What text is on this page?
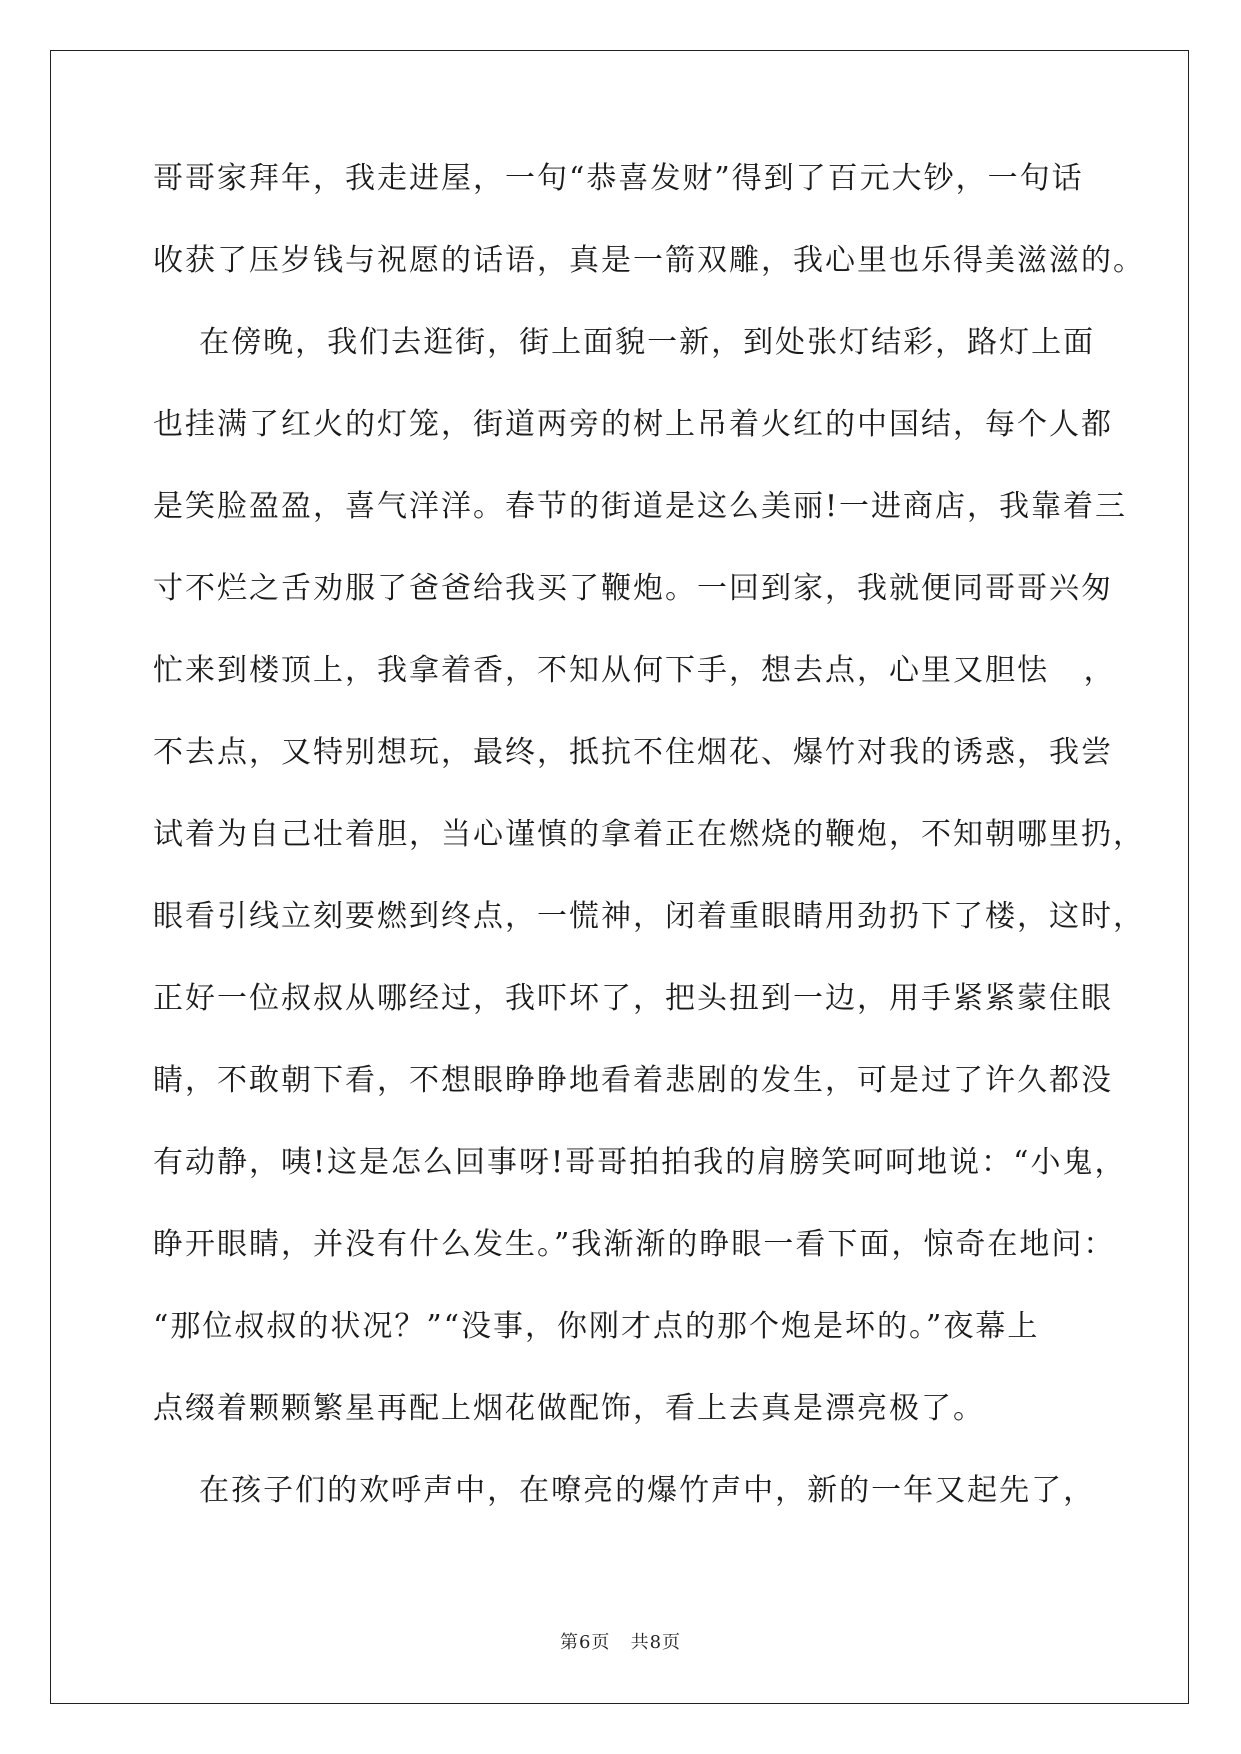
哥哥家拜年，我走进屋，一句“恭喜发财”得到了百元大钞，一句话
收获了压岁钱与祝愿的话语，真是一箭双雕，我心里也乐得美滋滋的。
在傍晚，我们去逛街，街上面貌一新，到处张灯结彩，路灯上面
也挂满了红火的灯笼，街道两旁的树上吊着火红的中国结，每个人都
是笑脸盈盈，喜气洋洋。春节的街道是这么美丽!一进商店，我靠着三
寸不烂之舌劝服了爸爸给我买了鞭炮。一回到家，我就便同哥哥兴匆
忙来到楼顶上，我拿着香，不知从何下手，想去点，心里又胆怯   ，
不去点，又特别想玩，最终，抵抗不住烟花、爆竹对我的诱惑，我尝
试着为自己壮着胆，当心谨慎的拿着正在燃烧的鞭炮，不知朝哪里扔，
眼看引线立刻要燃到终点，一慌神，闭着重眼睛用劲扔下了楼，这时，
正好一位叔叔从哪经过，我吓坏了，把头扭到一边，用手紧紧蒙住眼
睛，不敢朝下看，不想眼睁睁地看着悲剧的发生，可是过了许久都没
有动静，咦!这是怎么回事呀!哥哥拍拍我的肩膀笑呵呵地说：“小鬼，
睁开眼睛，并没有什么发生。”我渐渐的睁眼一看下面，惊奇在地问：
“那位叔叔的状况？”“没事，你刚才点的那个炮是坏的。”夜幕上
点缀着颗颗繁星再配上烟花做配饰，看上去真是漂亮极了。
在孩子们的欢呼声中，在嘹亮的爆竹声中，新的一年又起先了，
第6页   共8页
